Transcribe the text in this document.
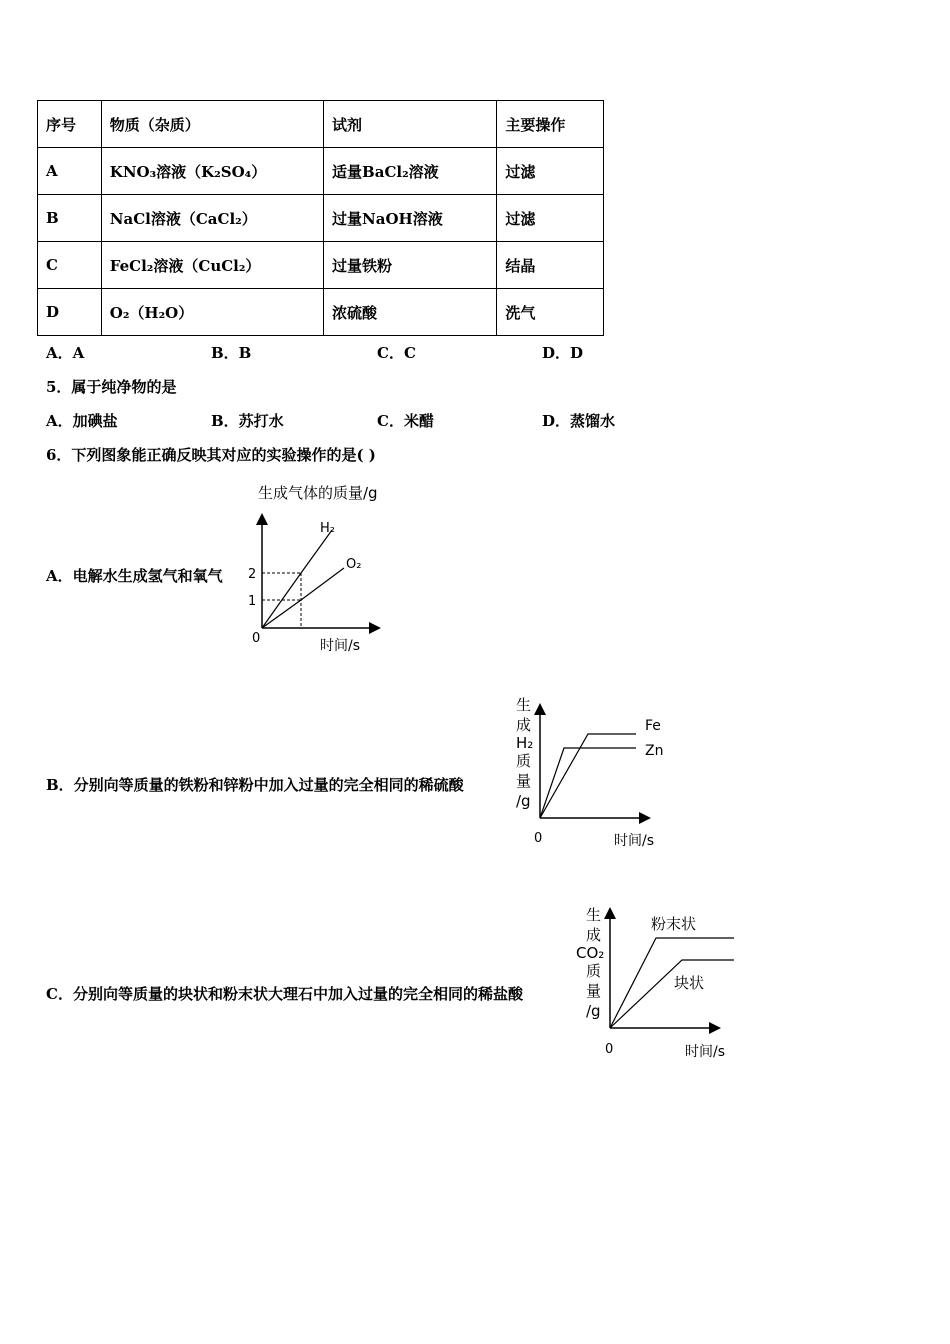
序号	物质（杂质）	试剂	主要操作
A	KNO₃溶液（K₂SO₄）	适量BaCl₂溶液	过滤
B	NaCl溶液（CaCl₂）	过量NaOH溶液	过滤
C	FeCl₂溶液（CuCl₂）	过量铁粉	结晶
D	O₂（H₂O）	浓硫酸	洗气
A．A	B．B	C．C	D．D
5．属于纯净物的是
A．加碘盐	B．苏打水	C．米醋	D．蒸馏水
6．下列图象能正确反映其对应的实验操作的是( )
A．电解水生成氢气和氧气
B．分别向等质量的铁粉和锌粉中加入过量的完全相同的稀硫酸
C．分别向等质量的块状和粉末状大理石中加入过量的完全相同的稀盐酸
生成气体的质量/g
0	时间/s
2
1
H₂
O₂
生 成 H₂ 质 量 /g
0	时间/s
Fe
Zn
生 成 CO₂ 质 量 /g
0	时间/s
粉末状
块状
